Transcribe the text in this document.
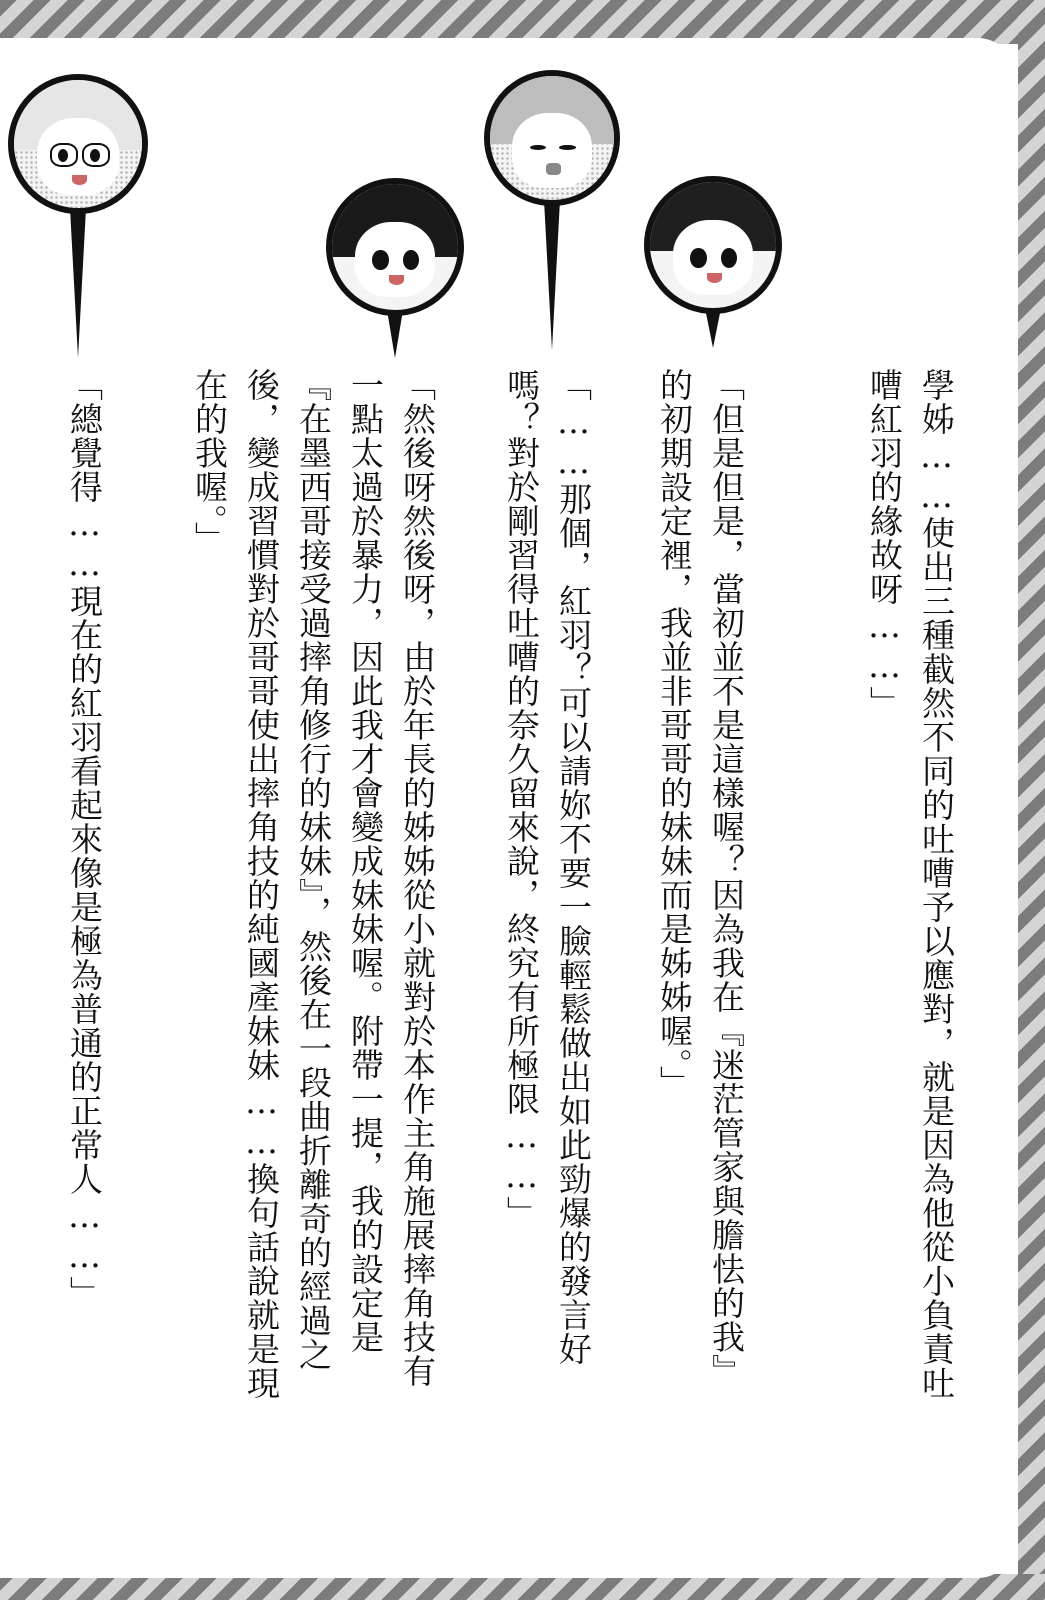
學姊……使出三種截然不同的吐嘈予以應對，就是因為他從小負責吐

嘈紅羽的緣故呀……」

「但是但是，當初並不是這樣喔？因為我在『迷茫管家與膽怯的我』

的初期設定裡，我並非哥哥的妹妹而是姊姊喔。」

「……那個，紅羽？可以請妳不要一臉輕鬆做出如此勁爆的發言好

嗎？對於剛習得吐嘈的奈久留來說，終究有所極限……」

「然後呀然後呀，由於年長的姊姊從小就對於本作主角施展摔角技有

一點太過於暴力，因此我才會變成妹妹喔。附帶一提，我的設定是

『在墨西哥接受過摔角修行的妹妹』，然後在一段曲折離奇的經過之

後，變成習慣對於哥哥使出摔角技的純國產妹妹……換句話說就是現

在的我喔。」

「總覺得……現在的紅羽看起來像是極為普通的正常人……」
